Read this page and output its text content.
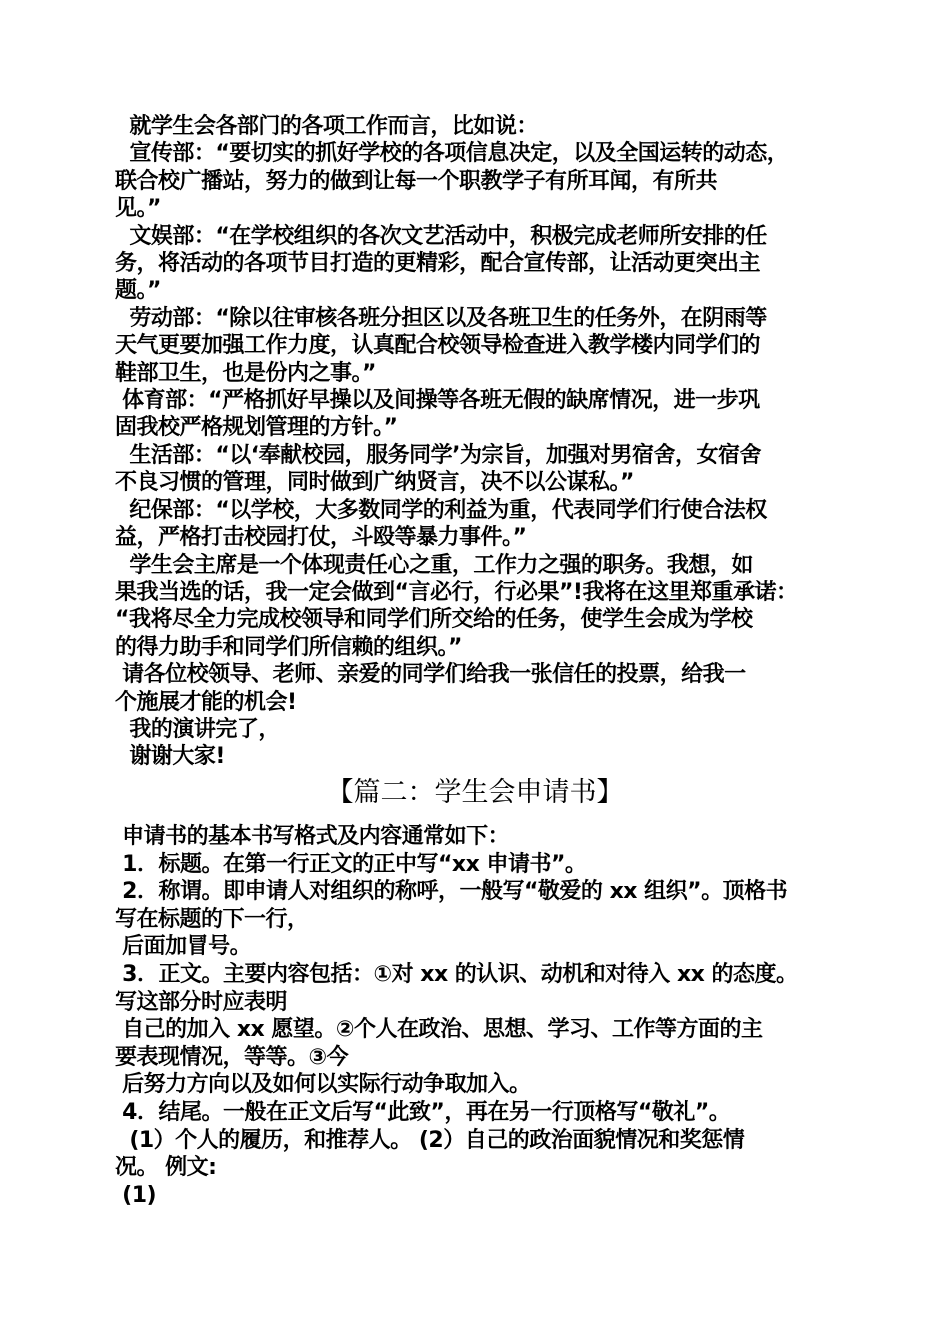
就学生会各部门的各项工作而言，比如说：
宣传部：“要切实的抓好学校的各项信息决定，以及全国运转的动态，
联合校广播站，努力的做到让每一个职教学子有所耳闻，有所共
见。”
文娱部：“在学校组织的各次文艺活动中，积极完成老师所安排的任
务，将活动的各项节目打造的更精彩，配合宣传部，让活动更突出主
题。”
劳动部：“除以往审核各班分担区以及各班卫生的任务外，在阴雨等
天气更要加强工作力度，认真配合校领导检查进入教学楼内同学们的
鞋部卫生，也是份内之事。”
体育部：“严格抓好早操以及间操等各班无假的缺席情况，进一步巩
固我校严格规划管理的方针。”
生活部：“以‘奉献校园，服务同学’为宗旨，加强对男宿舍，女宿舍
不良习惯的管理，同时做到广纳贤言，决不以公谋私。”
纪保部：“以学校，大多数同学的利益为重，代表同学们行使合法权
益，严格打击校园打仗，斗殴等暴力事件。”
学生会主席是一个体现责任心之重，工作力之强的职务。我想，如
果我当选的话，我一定会做到“言必行，行必果”!我将在这里郑重承诺：
“我将尽全力完成校领导和同学们所交给的任务，使学生会成为学校
的得力助手和同学们所信赖的组织。”
请各位校领导、老师、亲爱的同学们给我一张信任的投票，给我一
个施展才能的机会!
我的演讲完了，
谢谢大家!
【篇二：学生会申请书】
申请书的基本书写格式及内容通常如下：
1．标题。在第一行正文的正中写“xx 申请书”。
2．称谓。即申请人对组织的称呼，一般写“敬爱的 xx 组织”。顶格书
写在标题的下一行，
后面加冒号。
3．正文。主要内容包括：①对 xx 的认识、动机和对待入 xx 的态度。
写这部分时应表明
自己的加入 xx 愿望。②个人在政治、思想、学习、工作等方面的主
要表现情况，等等。③今
后努力方向以及如何以实际行动争取加入。
4．结尾。一般在正文后写“此致”，再在另一行顶格写“敬礼”。
(1）个人的履历，和推荐人。 (2）自己的政治面貌情况和奖惩情
况。 例文:
(1)
